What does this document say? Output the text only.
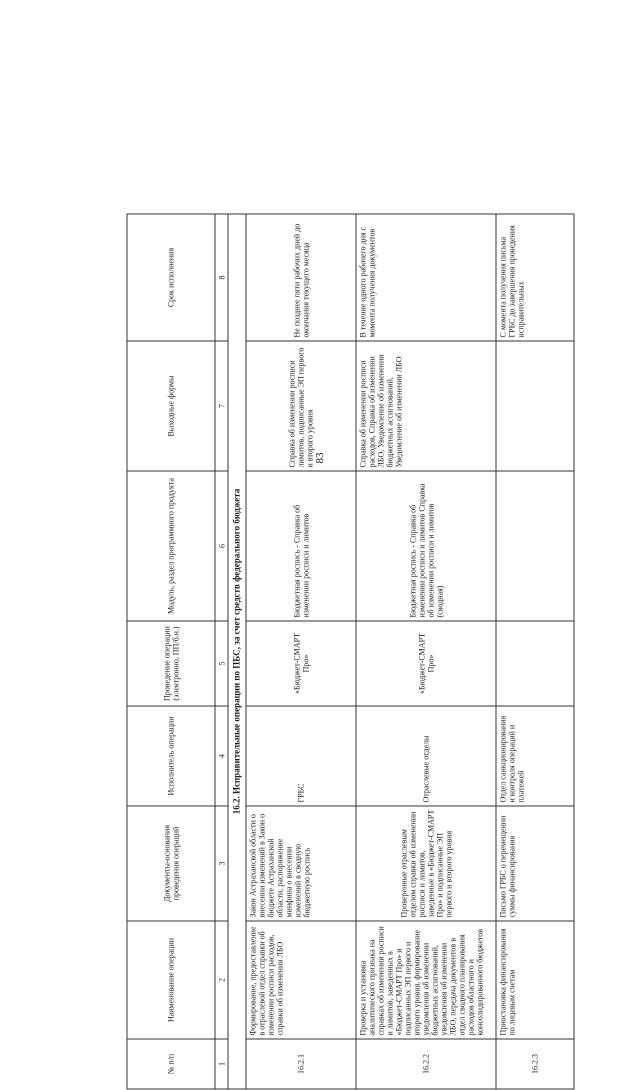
83
№ п/п	Наименование операции	Документы-основания проведения операций	Исполнитель операции	Проведение операции (электронно, ПП/б.н.)	Модуль, раздел программного продукта	Выходные формы	Срок исполнения
1	2	3	4	5	6	7	8
16.2. Исправительные операции по ПБС, за счет средств федерального бюджета							
16.2.1	Формирование, предоставление в отраслевой отдел справки об изменении росписи расходов, справки об изменении ЛБО	Закон Астраханской области о внесении изменений в Закон о бюджете Астраханской области, распоряжение минфина о внесении изменений в сводную бюджетную роспись	ГРБС	«Бюджет-СМАРТ Про»	Бюджетная роспись - Справка об изменении росписи и лимитов	Справка об изменении росписи лимитов, подписанные ЭП первого и второго уровня	Не позднее пяти рабочих дней до окончания текущего месяца
16.2.2	Проверка и установка аналитического признака на справках об изменении росписи и лимитов, заведенных в «Бюджет-СМАРТ Про» и подписанных ЭП первого и второго уровня, формирование уведомления об изменении бюджетных ассигнований, уведомления об изменении ЛБО, передача документов в отдел сводного планирования расходов областного и консолидированного бюджетов	Проверенные отраслевым отделом справки об изменении росписи и лимитов, заведенные в «Бюджет-СМАРТ Про» и подписанные ЭП первого и второго уровня	Отраслевые отделы	«Бюджет-СМАРТ Про»	Бюджетная роспись - Справка об изменении росписи и лимитов Справка об изменении росписи и лимитов (сводная)	Справка об изменении росписи расходов, Справка об изменении ЛБО, Уведомление об изменении бюджетных ассигнований, Уведомление об изменении ЛБО	В течение одного рабочего дня с момента получения документов
16.2.3	Приостановка финансирования по лицевым счетам	Письмо ГРБС о перемещении суммы финансирования	Отдел санкционирования и контроля операций и платежей				С момента получения письма ГРБС до завершения проведения исправительных
